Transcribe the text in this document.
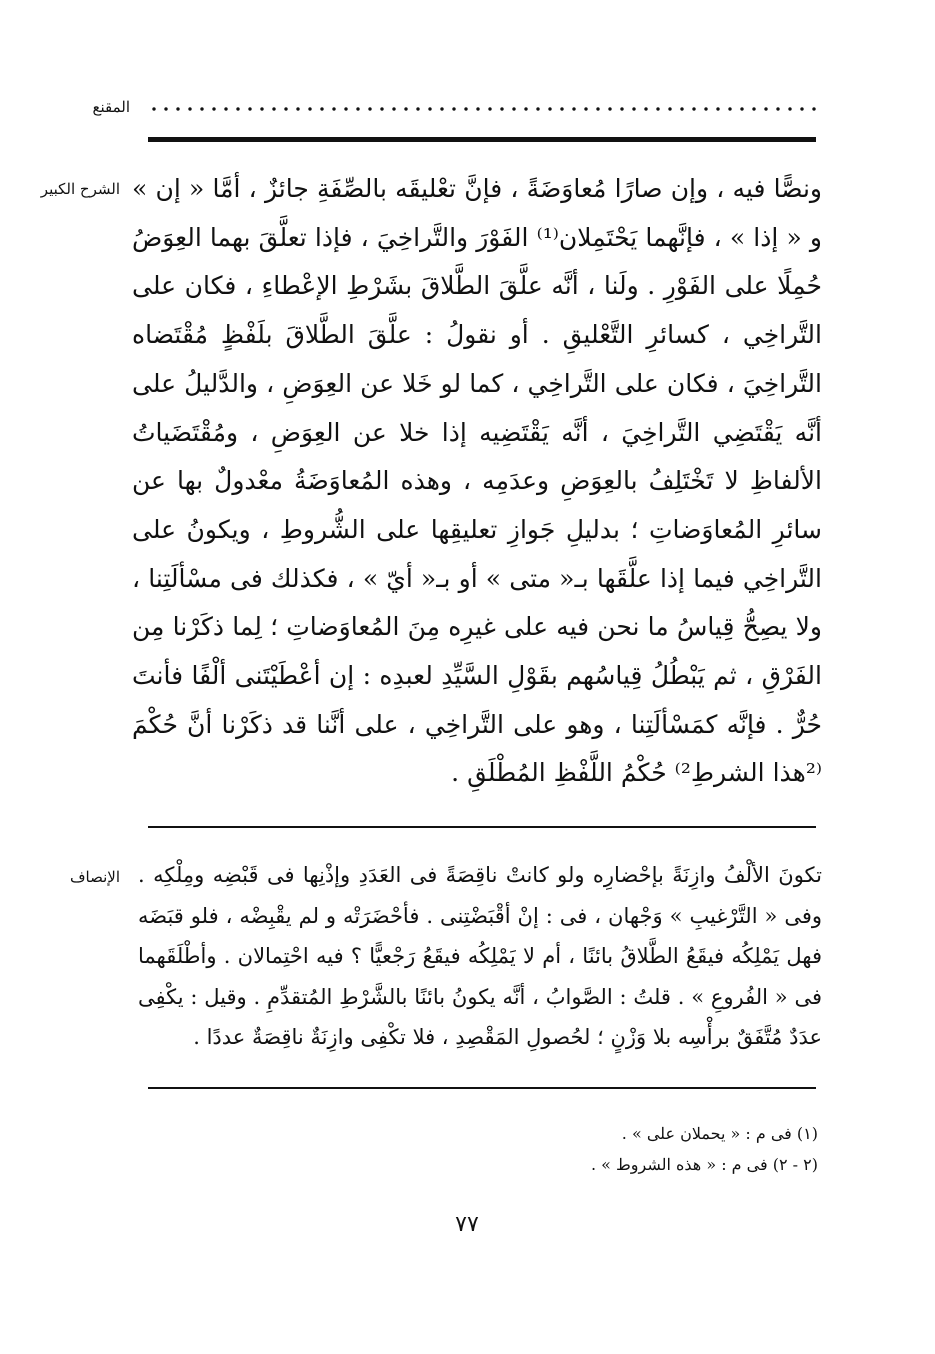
المقنع
الشرح الكبير ونصًّا فيه ، وإن صارًا مُعاوَضَةً ، فإنَّ تعْليقَه بالصِّفَةِ جائزٌ ، أمَّا « إن » و « إذا » ، فإنَّهما يَحْتَمِلان⁽¹⁾ الفَوْرَ والتَّراخِيَ ، فإذا تعلَّقَ بهما العِوَضُ حُمِلًا على الفَوْرِ . ولَنا ، أنَّه علَّقَ الطَّلاقَ بشَرْطِ الإعْطاءِ ، فكان على التَّراخِي ، كسائرِ التَّعْليقِ . أو نقولُ : علَّقَ الطَّلاقَ بلَفْظٍ مُقْتَضاه التَّراخِيَ ، فكان على التَّراخِي ، كما لو خَلا عن العِوَضِ ، والدَّليلُ على أنَّه يَقْتَضِي التَّراخِيَ ، أنَّه يَقْتَضِيه إذا خلا عن العِوَضِ ، ومُقْتَضَياتُ الألفاظِ لا تَخْتَلِفُ بالعِوَضِ وعدَمِه ، وهذه المُعاوَضَةُ معْدولٌ بها عن سائرِ المُعاوَضاتِ ؛ بدليلِ جَوازِ تعليقِها على الشُّروطِ ، ويكونُ على التَّراخِي فيما إذا علَّقَها بـ« متى » أو بـ« أيّ » ، فكذلك فى مسْألَتِنا ، ولا يصِحُّ قِياسُ ما نحن فيه على غيرِه مِنَ المُعاوَضاتِ ؛ لِما ذكَرْنا مِن الفَرْقِ ، ثم يَبْطُلُ قِياسُهم بقَوْلِ السَّيِّدِ لعبدِه : إن أعْطَيْتَنى ألْفًا فأنتَ حُرٌّ . فإنَّه كمَسْألَتِنا ، وهو على التَّراخِي ، على أنَّنا قد ذكَرْنا أنَّ حُكْمَ ⁽²هذا الشرطِ²⁾ حُكْمُ اللَّفْظِ المُطْلَقِ .

الإنصاف تكونَ الألْفُ وازِنَةً بإحْضارِه ولو كانتْ ناقِصَةً فى العَدَدِ وإذْنِها فى قَبْضِه ومِلْكِه . وفى « التَّرْغيبِ » وَجْهان ، فى : إنْ أقْبَضْتِنى . فأحْضَرَتْه و لم يقْبِضْه ، فلو قبَضَه فهل يَمْلِكُه فيقَعُ الطَّلاقُ بائنًا ، أم لا يَمْلِكُه فيقَعُ رَجْعيًّا ؟ فيه احْتِمالان . وأطْلَقَهما فى « الفُروعِ » . قلتُ : الصَّوابُ ، أنَّه يكونُ بائنًا بالشَّرْطِ المُتقدِّمِ . وقيل : يكْفِى عدَدٌ مُتَّفَقٌ برأْسِه بلا وَزْنٍ ؛ لحُصولِ المَقْصِدِ ، فلا تكْفِى وازِنَةٌ ناقِصَةٌ عددًا .

(١) فى م : « يحملان على » .
(٢ - ٢) فى م : « هذه الشروط » .
٧٧
